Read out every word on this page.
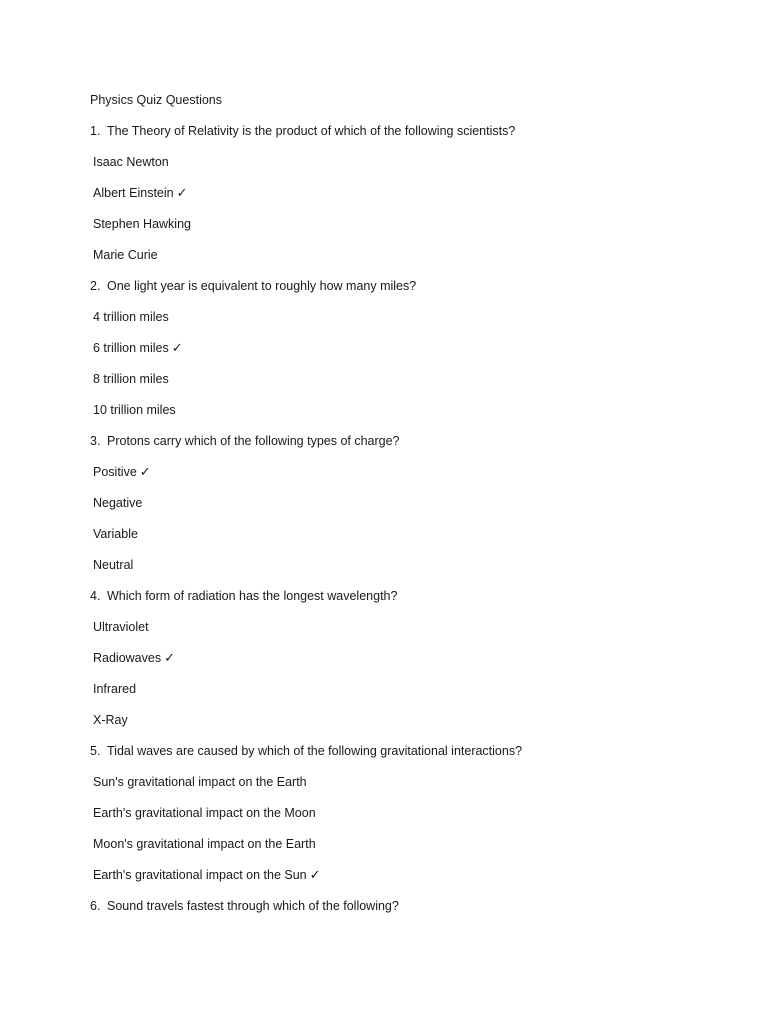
Physics Quiz Questions
1. The Theory of Relativity is the product of which of the following scientists?
Isaac Newton
Albert Einstein ✓
Stephen Hawking
Marie Curie
2. One light year is equivalent to roughly how many miles?
4 trillion miles
6 trillion miles ✓
8 trillion miles
10 trillion miles
3. Protons carry which of the following types of charge?
Positive ✓
Negative
Variable
Neutral
4. Which form of radiation has the longest wavelength?
Ultraviolet
Radiowaves ✓
Infrared
X-Ray
5. Tidal waves are caused by which of the following gravitational interactions?
Sun's gravitational impact on the Earth
Earth's gravitational impact on the Moon
Moon's gravitational impact on the Earth
Earth's gravitational impact on the Sun ✓
6. Sound travels fastest through which of the following?
